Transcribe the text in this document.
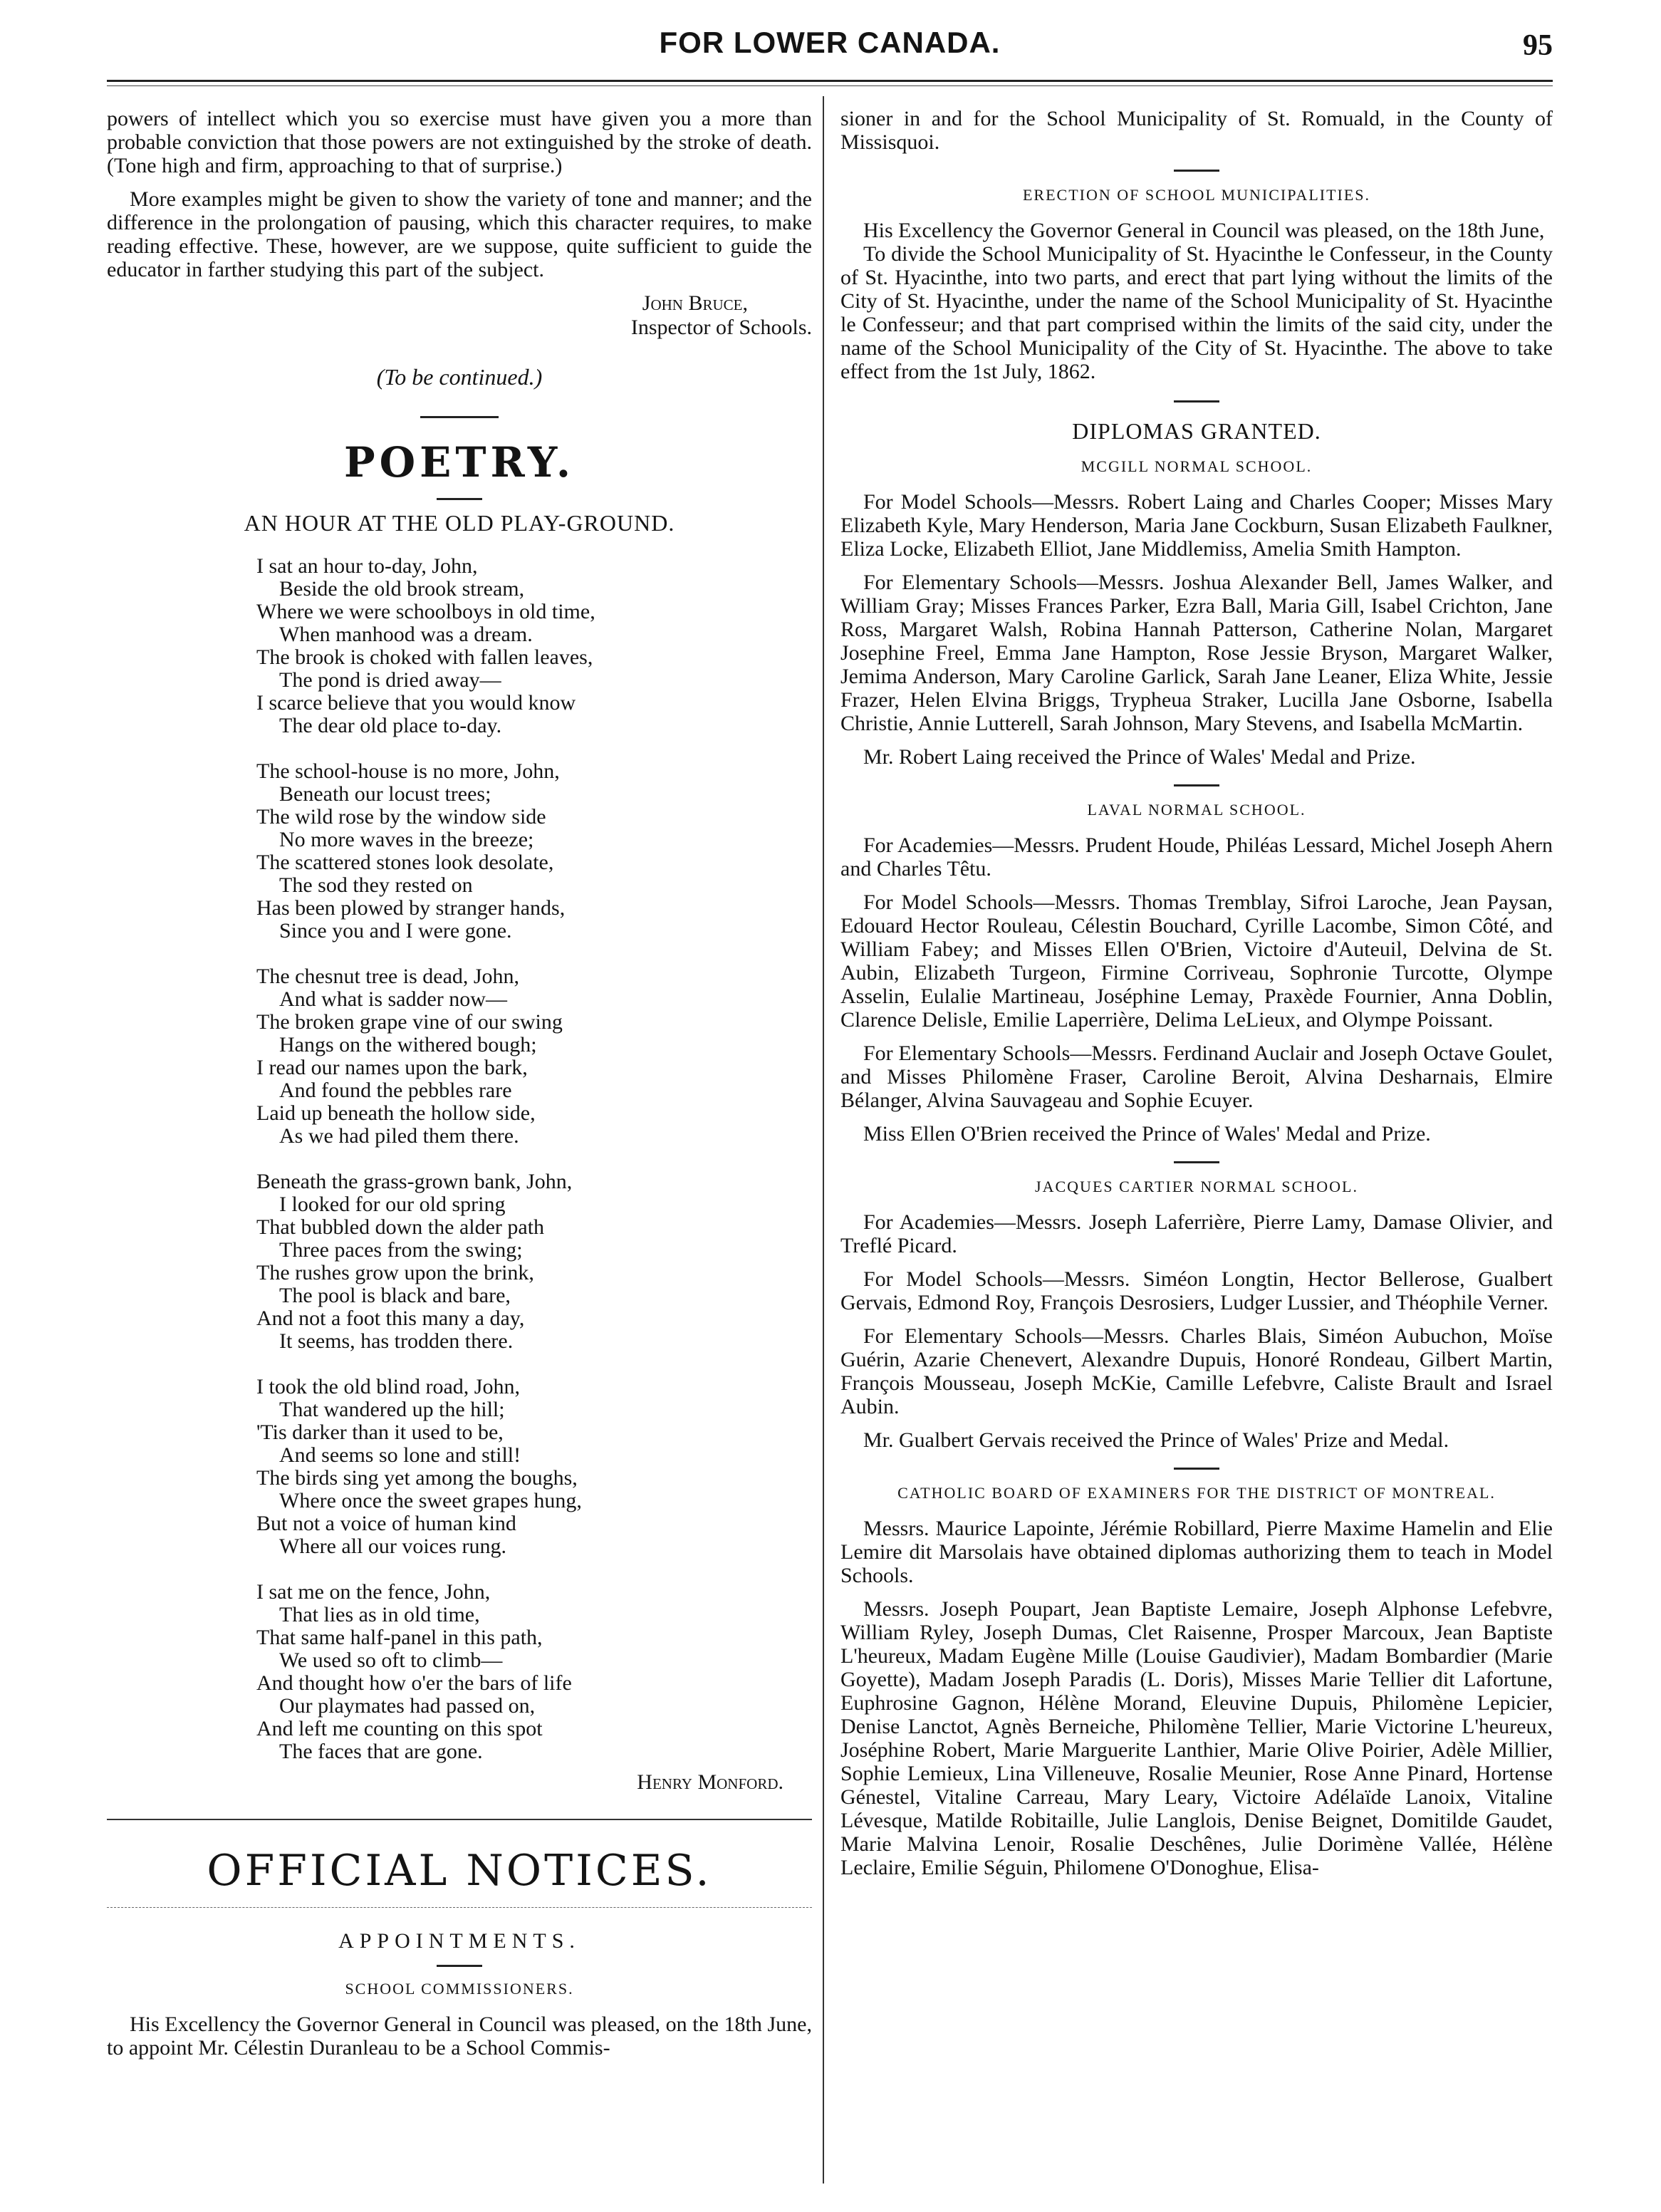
FOR LOWER CANADA.	95

powers of intellect which you so exercise must have given you a more than probable conviction that those powers are not extinguished by the stroke of death. (Tone high and firm, approaching to that of surprise.)

More examples might be given to show the variety of tone and manner; and the difference in the prolongation of pausing, which this character requires, to make reading effective. These, however, are we suppose, quite sufficient to guide the educator in farther studying this part of the subject.

John Bruce,
Inspector of Schools.
(To be continued.)
POETRY.
AN HOUR AT THE OLD PLAY-GROUND.
I sat an hour to-day, John,
Beside the old brook stream,
Where we were schoolboys in old time,
When manhood was a dream.
The brook is choked with fallen leaves,
The pond is dried away—
I scarce believe that you would know
The dear old place to-day.
The school-house is no more, John,
Beneath our locust trees;
The wild rose by the window side
No more waves in the breeze;
The scattered stones look desolate,
The sod they rested on
Has been plowed by stranger hands,
Since you and I were gone.
The chesnut tree is dead, John,
And what is sadder now—
The broken grape vine of our swing
Hangs on the withered bough;
I read our names upon the bark,
And found the pebbles rare
Laid up beneath the hollow side,
As we had piled them there.
Beneath the grass-grown bank, John,
I looked for our old spring
That bubbled down the alder path
Three paces from the swing;
The rushes grow upon the brink,
The pool is black and bare,
And not a foot this many a day,
It seems, has trodden there.
I took the old blind road, John,
That wandered up the hill;
'Tis darker than it used to be,
And seems so lone and still!
The birds sing yet among the boughs,
Where once the sweet grapes hung,
But not a voice of human kind
Where all our voices rung.
I sat me on the fence, John,
That lies as in old time,
That same half-panel in this path,
We used so oft to climb—
And thought how o'er the bars of life
Our playmates had passed on,
And left me counting on this spot
The faces that are gone.
Henry Monford.
OFFICIAL NOTICES.
APPOINTMENTS.
SCHOOL COMMISSIONERS.

His Excellency the Governor General in Council was pleased, on the 18th June, to appoint Mr. Célestin Duranleau to be a School Commis-

sioner in and for the School Municipality of St. Romuald, in the County of Missisquoi.

ERECTION OF SCHOOL MUNICIPALITIES.

His Excellency the Governor General in Council was pleased, on the 18th June,

To divide the School Municipality of St. Hyacinthe le Confesseur, in the County of St. Hyacinthe, into two parts, and erect that part lying without the limits of the City of St. Hyacinthe, under the name of the School Municipality of St. Hyacinthe le Confesseur; and that part comprised within the limits of the said city, under the name of the School Municipality of the City of St. Hyacinthe. The above to take effect from the 1st July, 1862.

DIPLOMAS GRANTED.
MCGILL NORMAL SCHOOL.

For Model Schools—Messrs. Robert Laing and Charles Cooper; Misses Mary Elizabeth Kyle, Mary Henderson, Maria Jane Cockburn, Susan Elizabeth Faulkner, Eliza Locke, Elizabeth Elliot, Jane Middlemiss, Amelia Smith Hampton.

For Elementary Schools—Messrs. Joshua Alexander Bell, James Walker, and William Gray; Misses Frances Parker, Ezra Ball, Maria Gill, Isabel Crichton, Jane Ross, Margaret Walsh, Robina Hannah Patterson, Catherine Nolan, Margaret Josephine Freel, Emma Jane Hampton, Rose Jessie Bryson, Margaret Walker, Jemima Anderson, Mary Caroline Garlick, Sarah Jane Leaner, Eliza White, Jessie Frazer, Helen Elvina Briggs, Trypheua Straker, Lucilla Jane Osborne, Isabella Christie, Annie Lutterell, Sarah Johnson, Mary Stevens, and Isabella McMartin.

Mr. Robert Laing received the Prince of Wales' Medal and Prize.

LAVAL NORMAL SCHOOL.

For Academies—Messrs. Prudent Houde, Philéas Lessard, Michel Joseph Ahern and Charles Têtu.

For Model Schools—Messrs. Thomas Tremblay, Sifroi Laroche, Jean Paysan, Edouard Hector Rouleau, Célestin Bouchard, Cyrille Lacombe, Simon Côté, and William Fabey; and Misses Ellen O'Brien, Victoire d'Auteuil, Delvina de St. Aubin, Elizabeth Turgeon, Firmine Corriveau, Sophronie Turcotte, Olympe Asselin, Eulalie Martineau, Joséphine Lemay, Praxède Fournier, Anna Doblin, Clarence Delisle, Emilie Laperrière, Delima LeLieux, and Olympe Poissant.

For Elementary Schools—Messrs. Ferdinand Auclair and Joseph Octave Goulet, and Misses Philomène Fraser, Caroline Beroit, Alvina Desharnais, Elmire Bélanger, Alvina Sauvageau and Sophie Ecuyer.

Miss Ellen O'Brien received the Prince of Wales' Medal and Prize.

JACQUES CARTIER NORMAL SCHOOL.

For Academies—Messrs. Joseph Laferrière, Pierre Lamy, Damase Olivier, and Treflé Picard.

For Model Schools—Messrs. Siméon Longtin, Hector Bellerose, Gualbert Gervais, Edmond Roy, François Desrosiers, Ludger Lussier, and Théophile Verner.

For Elementary Schools—Messrs. Charles Blais, Siméon Aubuchon, Moïse Guérin, Azarie Chenevert, Alexandre Dupuis, Honoré Rondeau, Gilbert Martin, François Mousseau, Joseph McKie, Camille Lefebvre, Caliste Brault and Israel Aubin.

Mr. Gualbert Gervais received the Prince of Wales' Prize and Medal.

CATHOLIC BOARD OF EXAMINERS FOR THE DISTRICT OF MONTREAL.

Messrs. Maurice Lapointe, Jérémie Robillard, Pierre Maxime Hamelin and Elie Lemire dit Marsolais have obtained diplomas authorizing them to teach in Model Schools.

Messrs. Joseph Poupart, Jean Baptiste Lemaire, Joseph Alphonse Lefebvre, William Ryley, Joseph Dumas, Clet Raisenne, Prosper Marcoux, Jean Baptiste L'heureux, Madam Eugène Mille (Louise Gaudivier), Madam Bombardier (Marie Goyette), Madam Joseph Paradis (L. Doris), Misses Marie Tellier dit Lafortune, Euphrosine Gagnon, Hélène Morand, Eleuvine Dupuis, Philomène Lepicier, Denise Lanctot, Agnès Berneiche, Philomène Tellier, Marie Victorine L'heureux, Joséphine Robert, Marie Marguerite Lanthier, Marie Olive Poirier, Adèle Millier, Sophie Lemieux, Lina Villeneuve, Rosalie Meunier, Rose Anne Pinard, Hortense Génestel, Vitaline Carreau, Mary Leary, Victoire Adélaïde Lanoix, Vitaline Lévesque, Matilde Robitaille, Julie Langlois, Denise Beignet, Domitilde Gaudet, Marie Malvina Lenoir, Rosalie Deschênes, Julie Dorimène Vallée, Hélène Leclaire, Emilie Séguin, Philomene O'Donoghue, Elisa-
